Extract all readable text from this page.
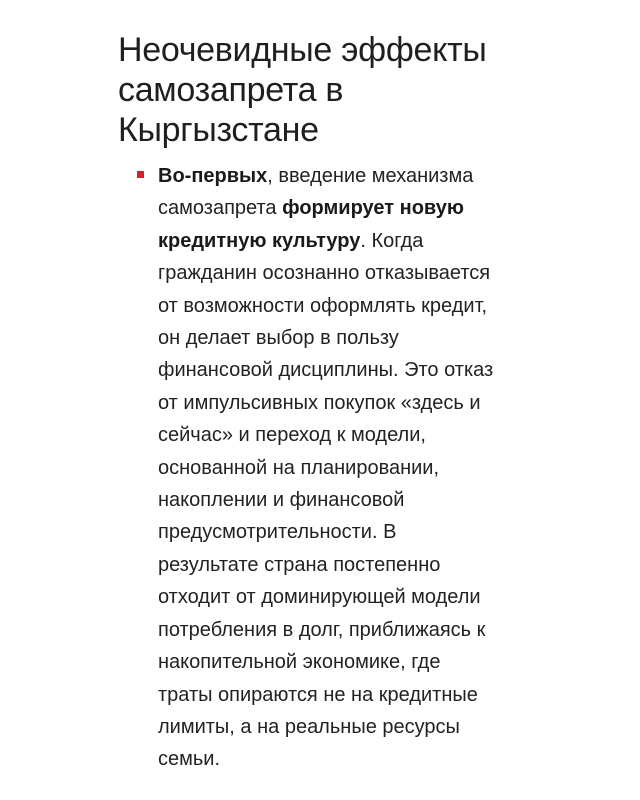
Неочевидные эффекты
самозапрета в
Кыргызстане

Во-первых, введение механизма
самозапрета формирует новую
кредитную культуру. Когда
гражданин осознанно отказывается
от возможности оформлять кредит,
он делает выбор в пользу
финансовой дисциплины. Это отказ
от импульсивных покупок «здесь и
сейчас» и переход к модели,
основанной на планировании,
накоплении и финансовой
предусмотрительности. В
результате страна постепенно
отходит от доминирующей модели
потребления в долг, приближаясь к
накопительной экономике, где
траты опираются не на кредитные
лимиты, а на реальные ресурсы
семьи.
